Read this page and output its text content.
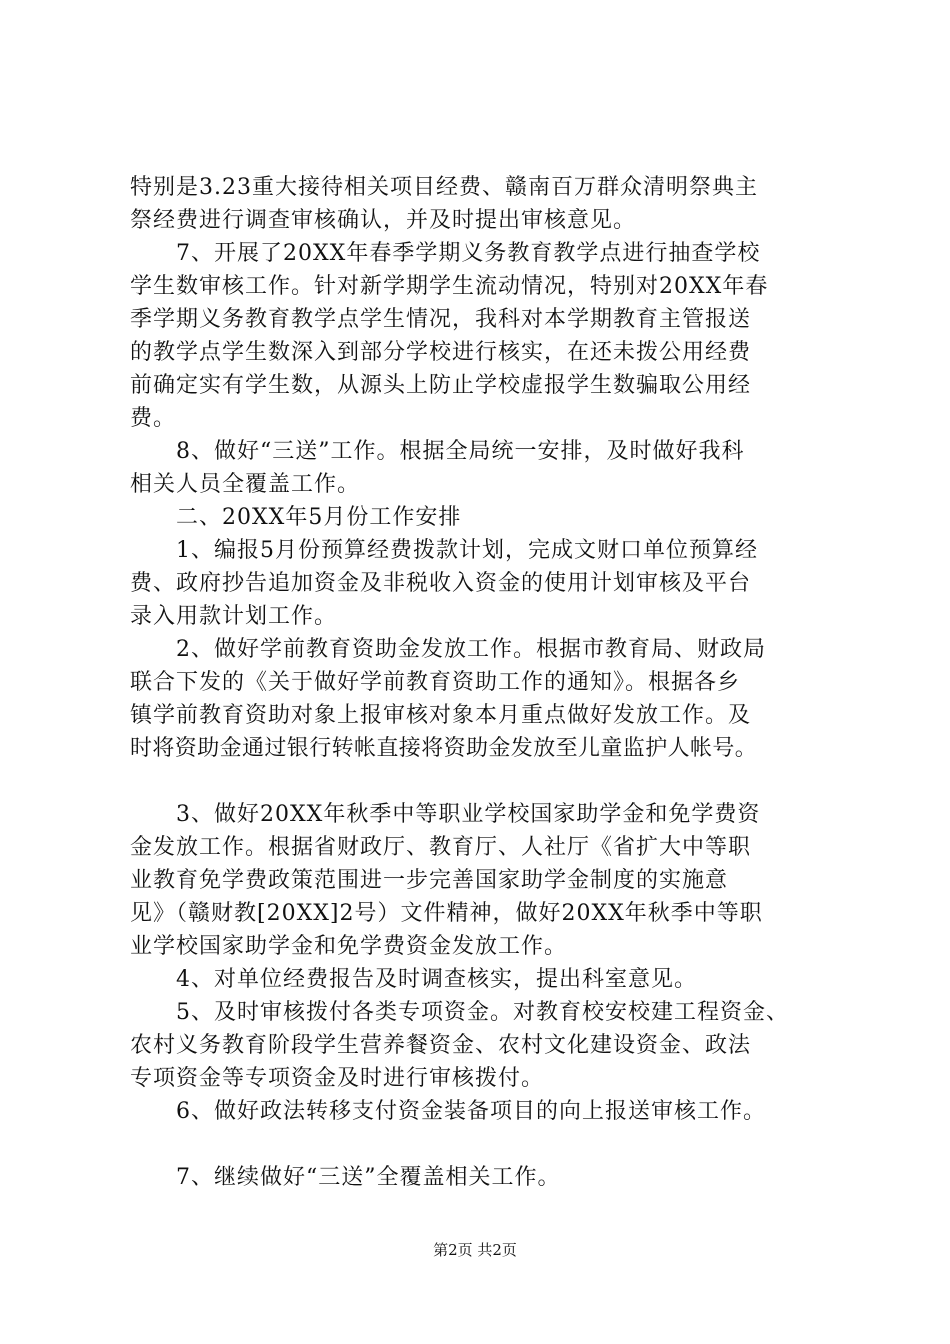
特别是3.23重大接待相关项目经费、赣南百万群众清明祭典主
祭经费进行调查审核确认，并及时提出审核意见。
7、开展了20XX年春季学期义务教育教学点进行抽查学校
学生数审核工作。针对新学期学生流动情况，特别对20XX年春
季学期义务教育教学点学生情况，我科对本学期教育主管报送
的教学点学生数深入到部分学校进行核实，在还未拨公用经费
前确定实有学生数，从源头上防止学校虚报学生数骗取公用经
费。
8、做好“三送”工作。根据全局统一安排，及时做好我科
相关人员全覆盖工作。
二、20XX年5月份工作安排
1、编报5月份预算经费拨款计划，完成文财口单位预算经
费、政府抄告追加资金及非税收入资金的使用计划审核及平台
录入用款计划工作。
2、做好学前教育资助金发放工作。根据市教育局、财政局
联合下发的《关于做好学前教育资助工作的通知》。根据各乡
镇学前教育资助对象上报审核对象本月重点做好发放工作。及
时将资助金通过银行转帐直接将资助金发放至儿童监护人帐号。
3、做好20XX年秋季中等职业学校国家助学金和免学费资
金发放工作。根据省财政厅、教育厅、人社厅《省扩大中等职
业教育免学费政策范围进一步完善国家助学金制度的实施意
见》（赣财教[20XX]2号）文件精神，做好20XX年秋季中等职
业学校国家助学金和免学费资金发放工作。
4、对单位经费报告及时调查核实，提出科室意见。
5、及时审核拨付各类专项资金。对教育校安校建工程资金、
农村义务教育阶段学生营养餐资金、农村文化建设资金、政法
专项资金等专项资金及时进行审核拨付。
6、做好政法转移支付资金装备项目的向上报送审核工作。
7、继续做好“三送”全覆盖相关工作。
第2页 共2页
